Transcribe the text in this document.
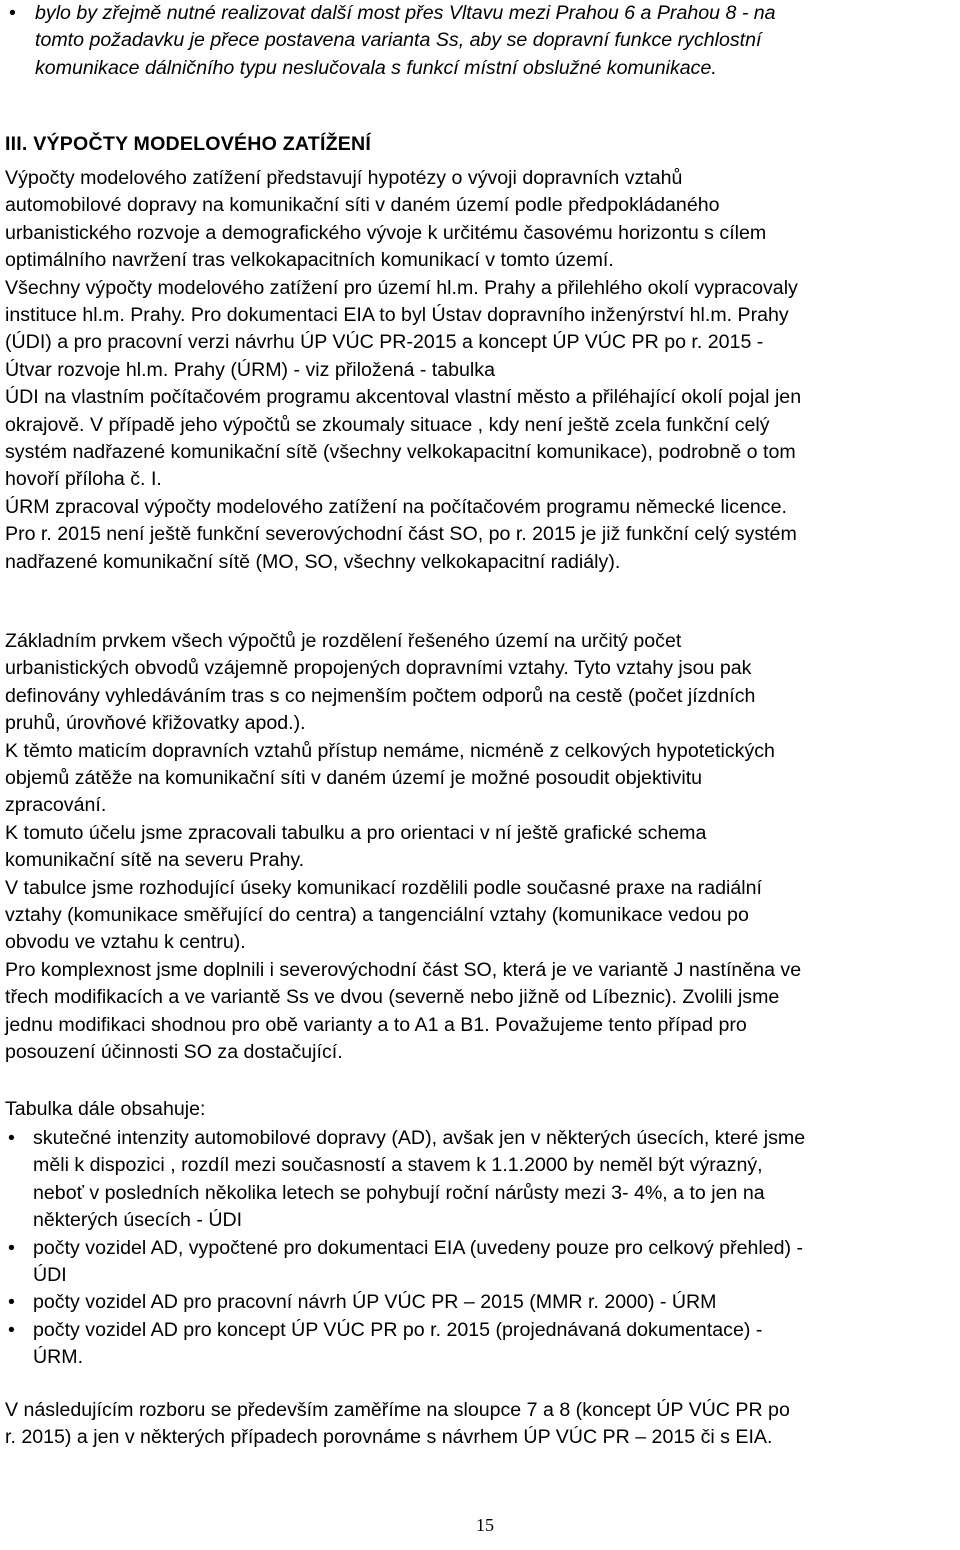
• bylo by zřejmě nutné realizovat další most přes Vltavu mezi Prahou 6 a Prahou 8 - na
tomto požadavku je přece postavena varianta Ss, aby se dopravní funkce rychlostní
komunikace dálničního typu neslučovala s funkcí místní obslužné komunikace.
III. VÝPOČTY MODELOVÉHO ZATÍŽENÍ
Výpočty modelového zatížení představují hypotézy o vývoji dopravních vztahů
automobilové dopravy na komunikační síti v daném území podle předpokládaného
urbanistického rozvoje a demografického vývoje k určitému časovému horizontu s cílem
optimálního navržení tras velkokapacitních komunikací v tomto území.
Všechny výpočty modelového zatížení pro území hl.m. Prahy a přilehlého okolí vypracovaly
instituce hl.m. Prahy. Pro dokumentaci EIA to byl Ústav dopravního inženýrství hl.m. Prahy
(ÚDI) a pro pracovní verzi návrhu ÚP VÚC PR-2015 a koncept ÚP VÚC PR po r. 2015 -
Útvar rozvoje hl.m. Prahy (ÚRM) - viz přiložená - tabulka
ÚDI na vlastním počítačovém programu akcentoval vlastní město a přiléhající okolí pojal jen
okrajově. V případě jeho výpočtů se zkoumaly situace , kdy není ještě zcela funkční celý
systém nadřazené komunikační sítě (všechny velkokapacitní komunikace), podrobně o tom
hovoří příloha č. I.
ÚRM zpracoval výpočty modelového zatížení na počítačovém programu německé licence.
Pro r. 2015 není ještě funkční severovýchodní část SO, po r. 2015 je již funkční celý systém
nadřazené komunikační sítě (MO, SO, všechny velkokapacitní radiály).
Základním prvkem všech výpočtů je rozdělení řešeného území na určitý počet
urbanistických obvodů vzájemně propojených dopravními vztahy. Tyto vztahy jsou pak
definovány vyhledáváním tras s co nejmenším počtem odporů na cestě (počet jízdních
pruhů, úrovňové křižovatky apod.).
K těmto maticím dopravních vztahů přístup nemáme, nicméně z celkových hypotetických
objemů zátěže na komunikační síti v daném území je možné posoudit objektivitu
zpracování.
K tomuto účelu jsme zpracovali tabulku a pro orientaci v ní ještě grafické schema
komunikační sítě na severu Prahy.
V tabulce jsme rozhodující úseky komunikací rozdělili podle současné praxe na radiální
vztahy (komunikace směřující do centra) a tangenciální vztahy (komunikace vedou po
obvodu ve vztahu k centru).
Pro komplexnost jsme doplnili i severovýchodní část SO, která je ve variantě J nastíněna ve
třech modifikacích a ve variantě Ss ve dvou (severně nebo jižně od Líbeznic). Zvolili jsme
jednu modifikaci shodnou pro obě varianty a to A1 a B1. Považujeme tento případ pro
posouzení účinnosti SO za dostačující.
Tabulka dále obsahuje:
• skutečné intenzity automobilové dopravy (AD), avšak jen v některých úsecích, které jsme
měli k dispozici , rozdíl mezi současností a stavem k 1.1.2000 by neměl být výrazný,
neboť v posledních několika letech se pohybují roční nárůsty mezi 3- 4%, a to jen na
některých úsecích - ÚDI
• počty vozidel AD, vypočtené pro dokumentaci EIA (uvedeny pouze pro celkový přehled) -
ÚDI
• počty vozidel AD pro pracovní návrh ÚP VÚC PR – 2015 (MMR r. 2000) - ÚRM
• počty vozidel AD pro koncept ÚP VÚC PR po r. 2015 (projednávaná dokumentace) -
ÚRM.
V následujícím rozboru se především zaměříme na sloupce 7 a 8 (koncept ÚP VÚC PR po
r. 2015) a jen v některých případech porovnáme s návrhem ÚP VÚC PR – 2015 či s EIA.
15
